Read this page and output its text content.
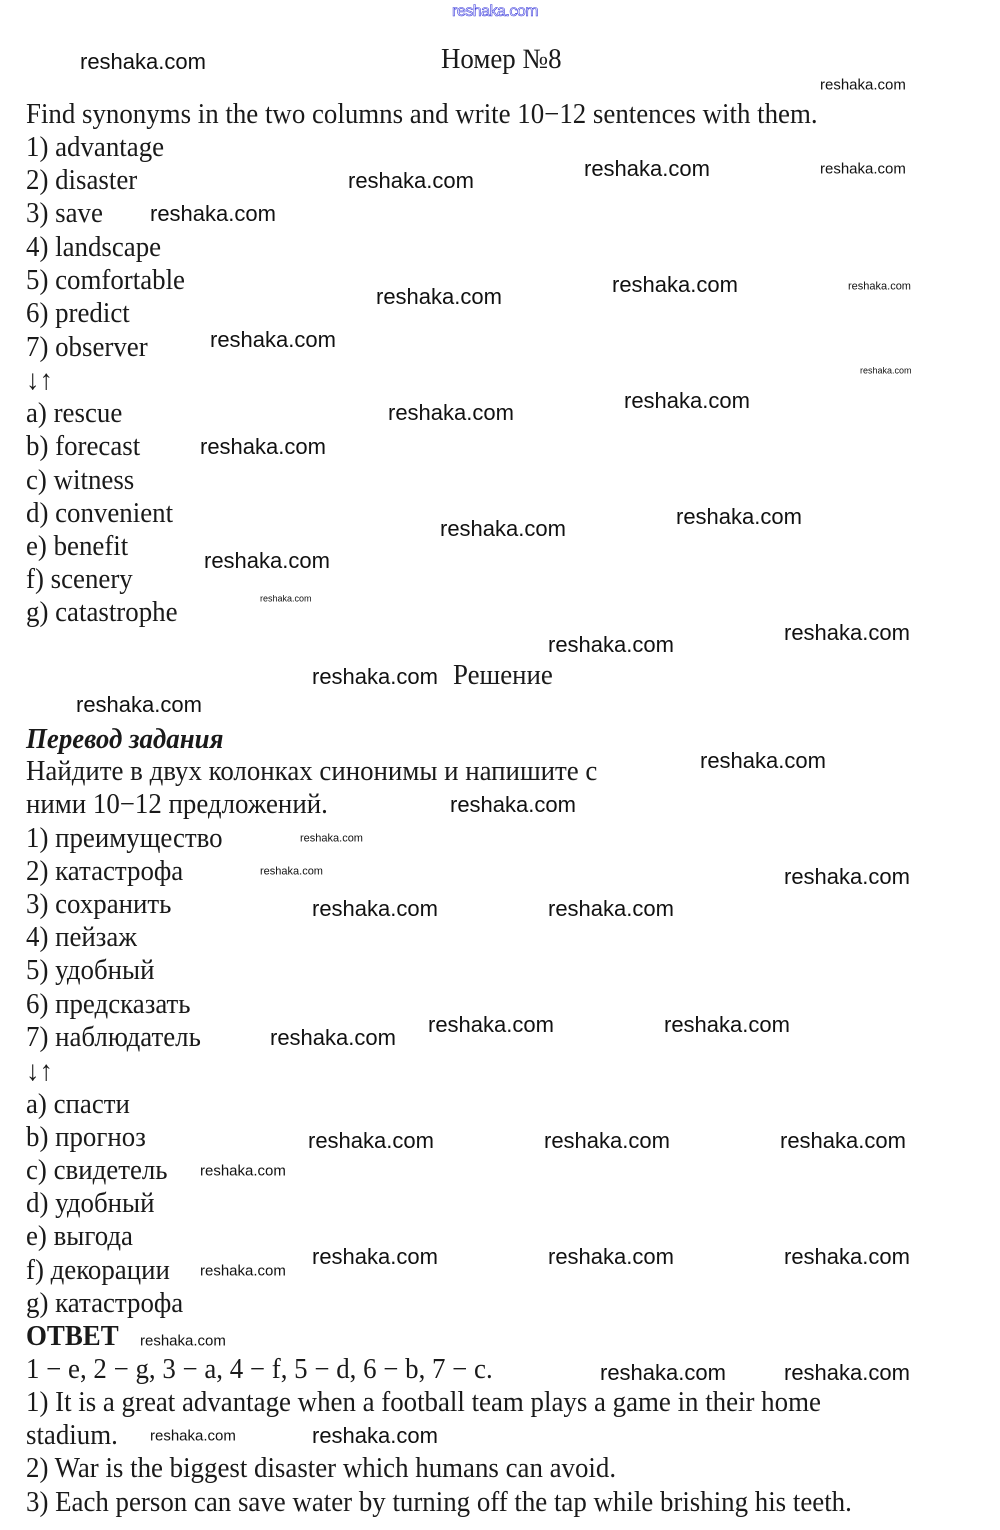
reshaka.com
Номер №8
Find synonyms in the two columns and write 10−12 sentences with them.
1) advantage
2) disaster
3) save
4) landscape
5) comfortable
6) predict
7) observer
↓↑
a) rescue
b) forecast
c) witness
d) convenient
e) benefit
f) scenery
g) catastrophe
Решение
Перевод задания
Найдите в двух колонках синонимы и напишите с
ними 10−12 предложений.
1) преимущество
2) катастрофа
3) сохранить
4) пейзаж
5) удобный
6) предсказать
7) наблюдатель
↓↑
a) спасти
b) прогноз
c) свидетель
d) удобный
e) выгода
f) декорации
g) катастрофа
ОТВЕТ
1 − e, 2 − g, 3 − a, 4 − f, 5 − d, 6 − b, 7 − c.
1) It is a great advantage when a football team plays a game in their home
stadium.
2) War is the biggest disaster which humans can avoid.
3) Each person can save water by turning off the tap while brishing his teeth.
reshaka.com
reshaka.com	reshaka.com
reshaka.com
reshaka.com	reshaka.com
reshaka.com
reshaka.com	reshaka.com
reshaka.com
reshaka.com	reshaka.com
reshaka.com
reshaka.com	reshaka.com
reshaka.com
reshaka.com
reshaka.com
reshaka.com
reshaka.com
reshaka.com	reshaka.com
reshaka.com
reshaka.com	reshaka.com
reshaka.com	reshaka.com	reshaka.com
reshaka.com	reshaka.com	reshaka.com
reshaka.com	reshaka.com
reshaka.com
reshaka.com
reshaka.com
reshaka.com
reshaka.com
reshaka.com
reshaka.com
reshaka.com
reshaka.com
reshaka.com
reshaka.com
reshaka.com
